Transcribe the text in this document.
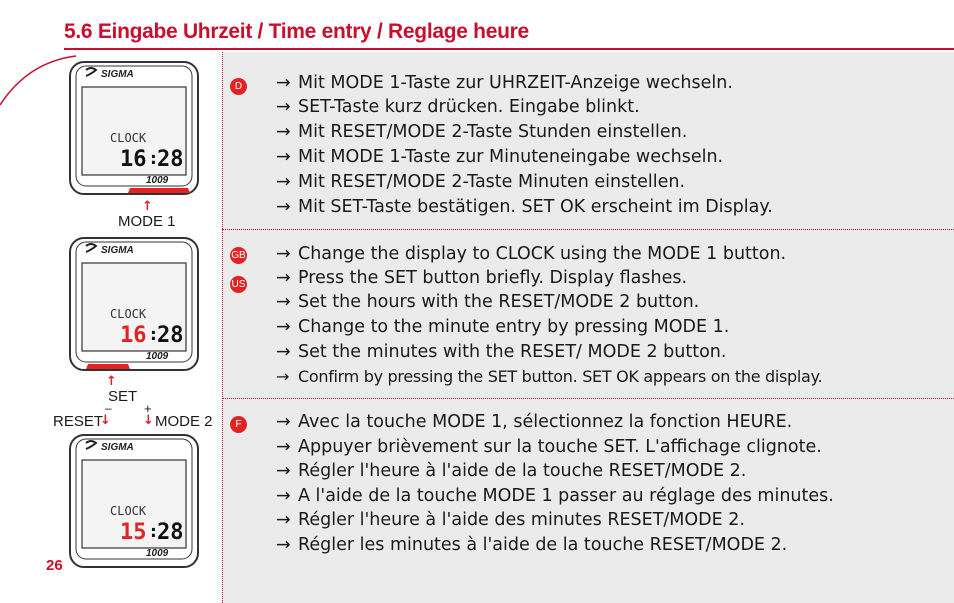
5.6 Eingabe Uhrzeit / Time entry / Reglage heure
SIGMA
CLOCK
16 :
28
1009
↑
MODE 1
SIGMA
CLOCK
16 :
28
1009
↑
SET
– +
RESET
↓ ↓ MODE 2
SIGMA
CLOCK
15 :
28
1009
26
D → Mit MODE 1-Taste zur UHRZEIT-Anzeige wechseln.
→ SET-Taste kurz drücken. Eingabe blinkt.
→ Mit RESET/MODE 2-Taste Stunden einstellen.
→ Mit MODE 1-Taste zur Minuteneingabe wechseln.
→ Mit RESET/MODE 2-Taste Minuten einstellen.
→ Mit SET-Taste bestätigen. SET OK erscheint im Display.
GB
US
→ Change the display to CLOCK using the MODE 1 button.
→ Press the SET button briefly. Display flashes.
→ Set the hours with the RESET/MODE 2 button.
→ Change to the minute entry by pressing MODE 1.
→ Set the minutes with the RESET/ MODE 2 button.
→ Confirm by pressing the SET button. SET OK appears on the display.
F	→ Avec la touche MODE 1, sélectionnez la fonction HEURE.
→ Appuyer brièvement sur la touche SET. L'affichage clignote.
→ Régler l'heure à l'aide de la touche RESET/MODE 2.
→ A l'aide de la touche MODE 1 passer au réglage des minutes.
→ Régler l'heure à l'aide des minutes RESET/MODE 2.
→ Régler les minutes à l'aide de la touche RESET/MODE 2.
